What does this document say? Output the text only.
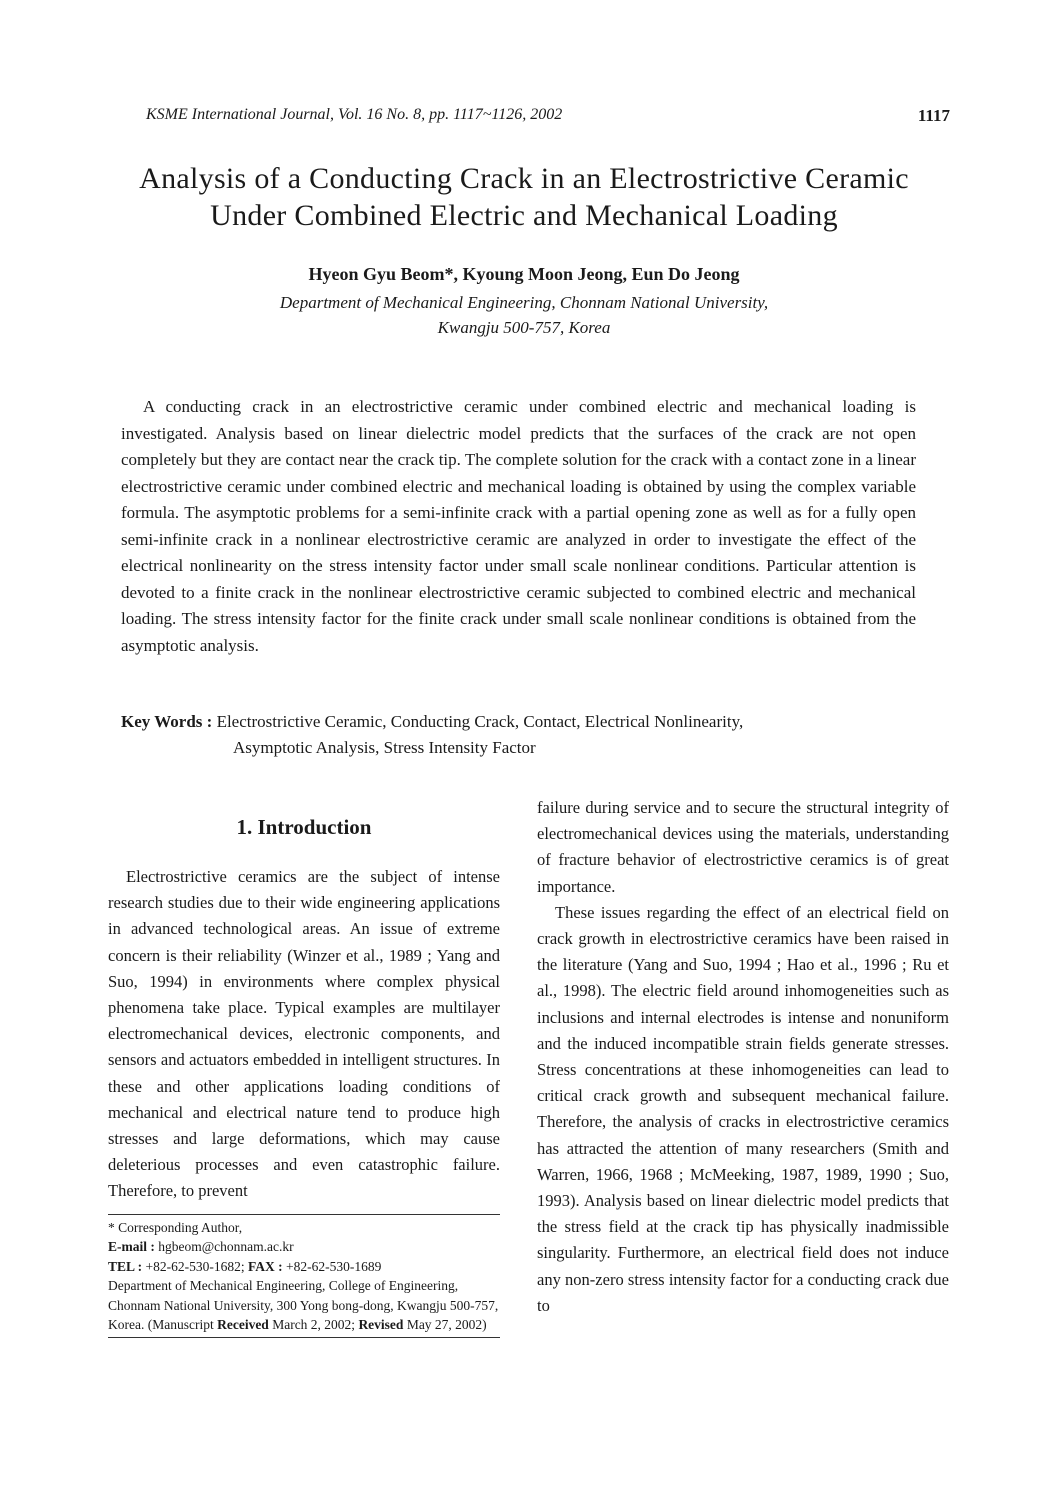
KSME International Journal, Vol. 16 No. 8, pp. 1117~1126, 2002	1117
Analysis of a Conducting Crack in an Electrostrictive Ceramic
Under Combined Electric and Mechanical Loading
Hyeon Gyu Beom*, Kyoung Moon Jeong, Eun Do Jeong
Department of Mechanical Engineering, Chonnam National University,
Kwangju 500-757, Korea

A conducting crack in an electrostrictive ceramic under combined electric and mechanical loading is investigated. Analysis based on linear dielectric model predicts that the surfaces of the crack are not open completely but they are contact near the crack tip. The complete solution for the crack with a contact zone in a linear electrostrictive ceramic under combined electric and mechanical loading is obtained by using the complex variable formula. The asymptotic problems for a semi-infinite crack with a partial opening zone as well as for a fully open semi-infinite crack in a nonlinear electrostrictive ceramic are analyzed in order to investigate the effect of the electrical nonlinearity on the stress intensity factor under small scale nonlinear conditions. Particular attention is devoted to a finite crack in the nonlinear electrostrictive ceramic subjected to combined electric and mechanical loading. The stress intensity factor for the finite crack under small scale nonlinear conditions is obtained from the asymptotic analysis.

Key Words : Electrostrictive Ceramic, Conducting Crack, Contact, Electrical Nonlinearity,
Asymptotic Analysis, Stress Intensity Factor
1. Introduction

Electrostrictive ceramics are the subject of intense research studies due to their wide engineering applications in advanced technological areas. An issue of extreme concern is their reliability (Winzer et al., 1989 ; Yang and Suo, 1994) in environments where complex physical phenomena take place. Typical examples are multilayer electromechanical devices, electronic components, and sensors and actuators embedded in intelligent structures. In these and other applications loading conditions of mechanical and electrical nature tend to produce high stresses and large deformations, which may cause deleterious processes and even catastrophic failure. Therefore, to prevent

* Corresponding Author,

E-mail : hgbeom@chonnam.ac.kr

TEL : +82-62-530-1682; FAX : +82-62-530-1689

Department of Mechanical Engineering, College of Engineering, Chonnam National University, 300 Yong bong-dong, Kwangju 500-757, Korea. (Manuscript Received March 2, 2002; Revised May 27, 2002)

failure during service and to secure the structural integrity of electromechanical devices using the materials, understanding of fracture behavior of electrostrictive ceramics is of great importance.

These issues regarding the effect of an electrical field on crack growth in electrostrictive ceramics have been raised in the literature (Yang and Suo, 1994 ; Hao et al., 1996 ; Ru et al., 1998). The electric field around inhomogeneities such as inclusions and internal electrodes is intense and nonuniform and the induced incompatible strain fields generate stresses. Stress concentrations at these inhomogeneities can lead to critical crack growth and subsequent mechanical failure. Therefore, the analysis of cracks in electrostrictive ceramics has attracted the attention of many researchers (Smith and Warren, 1966, 1968 ; McMeeking, 1987, 1989, 1990 ; Suo, 1993). Analysis based on linear dielectric model predicts that the stress field at the crack tip has physically inadmissible singularity. Furthermore, an electrical field does not induce any non-zero stress intensity factor for a conducting crack due to
